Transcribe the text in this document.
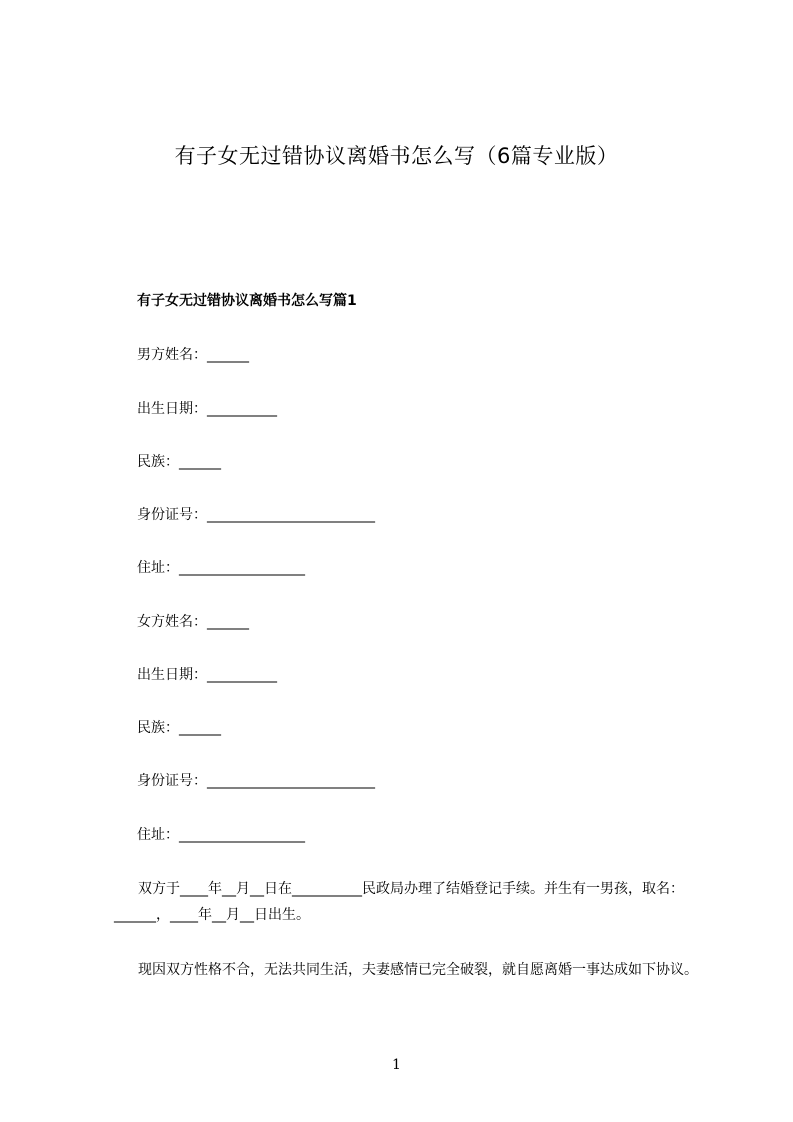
有子女无过错协议离婚书怎么写（6篇专业版）
有子女无过错协议离婚书怎么写篇1
男方姓名：______
出生日期：__________
民族：______
身份证号：________________________
住址：__________________
女方姓名：______
出生日期：__________
民族：______
身份证号：________________________
住址：__________________
双方于____年__月__日在__________民政局办理了结婚登记手续。并生有一男孩，取名：______，____年__月__日出生。
现因双方性格不合，无法共同生活，夫妻感情已完全破裂，就自愿离婚一事达成如下协议。
1
